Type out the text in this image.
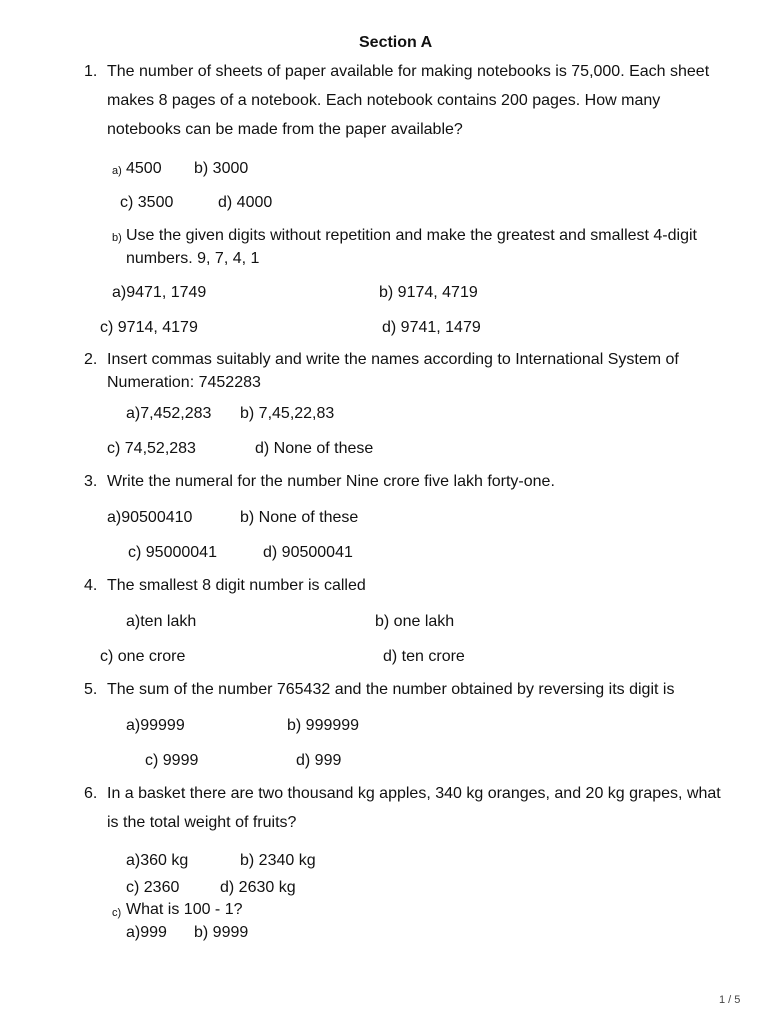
Section A
1. The number of sheets of paper available for making notebooks is 75,000. Each sheet
makes 8 pages of a notebook. Each notebook contains 200 pages. How many
notebooks can be made from the paper available?
a) 4500 b) 3000
c) 3500	d) 4000
b) Use the given digits without repetition and make the greatest and smallest 4-digit
numbers. 9, 7, 4, 1
a)9471, 1749	b) 9174, 4719
c) 9714, 4179	d) 9741, 1479
2. Insert commas suitably and write the names according to International System of
Numeration: 7452283
a)7,452,283 b) 7,45,22,83
c) 74,52,283	d) None of these
3. Write the numeral for the number Nine crore five lakh forty-one.
a)90500410	b) None of these
c) 95000041	d) 90500041
4. The smallest 8 digit number is called
a)ten lakh	b) one lakh
c) one crore	d) ten crore
5. The sum of the number 765432 and the number obtained by reversing its digit is
a)99999	b) 999999
c) 9999	d) 999
6. In a basket there are two thousand kg apples, 340 kg oranges, and 20 kg grapes, what
is the total weight of fruits?
a)360 kg	b) 2340 kg
c) 2360	d) 2630 kg
c) What is 100 - 1?
a)999 b) 9999
1 / 5
